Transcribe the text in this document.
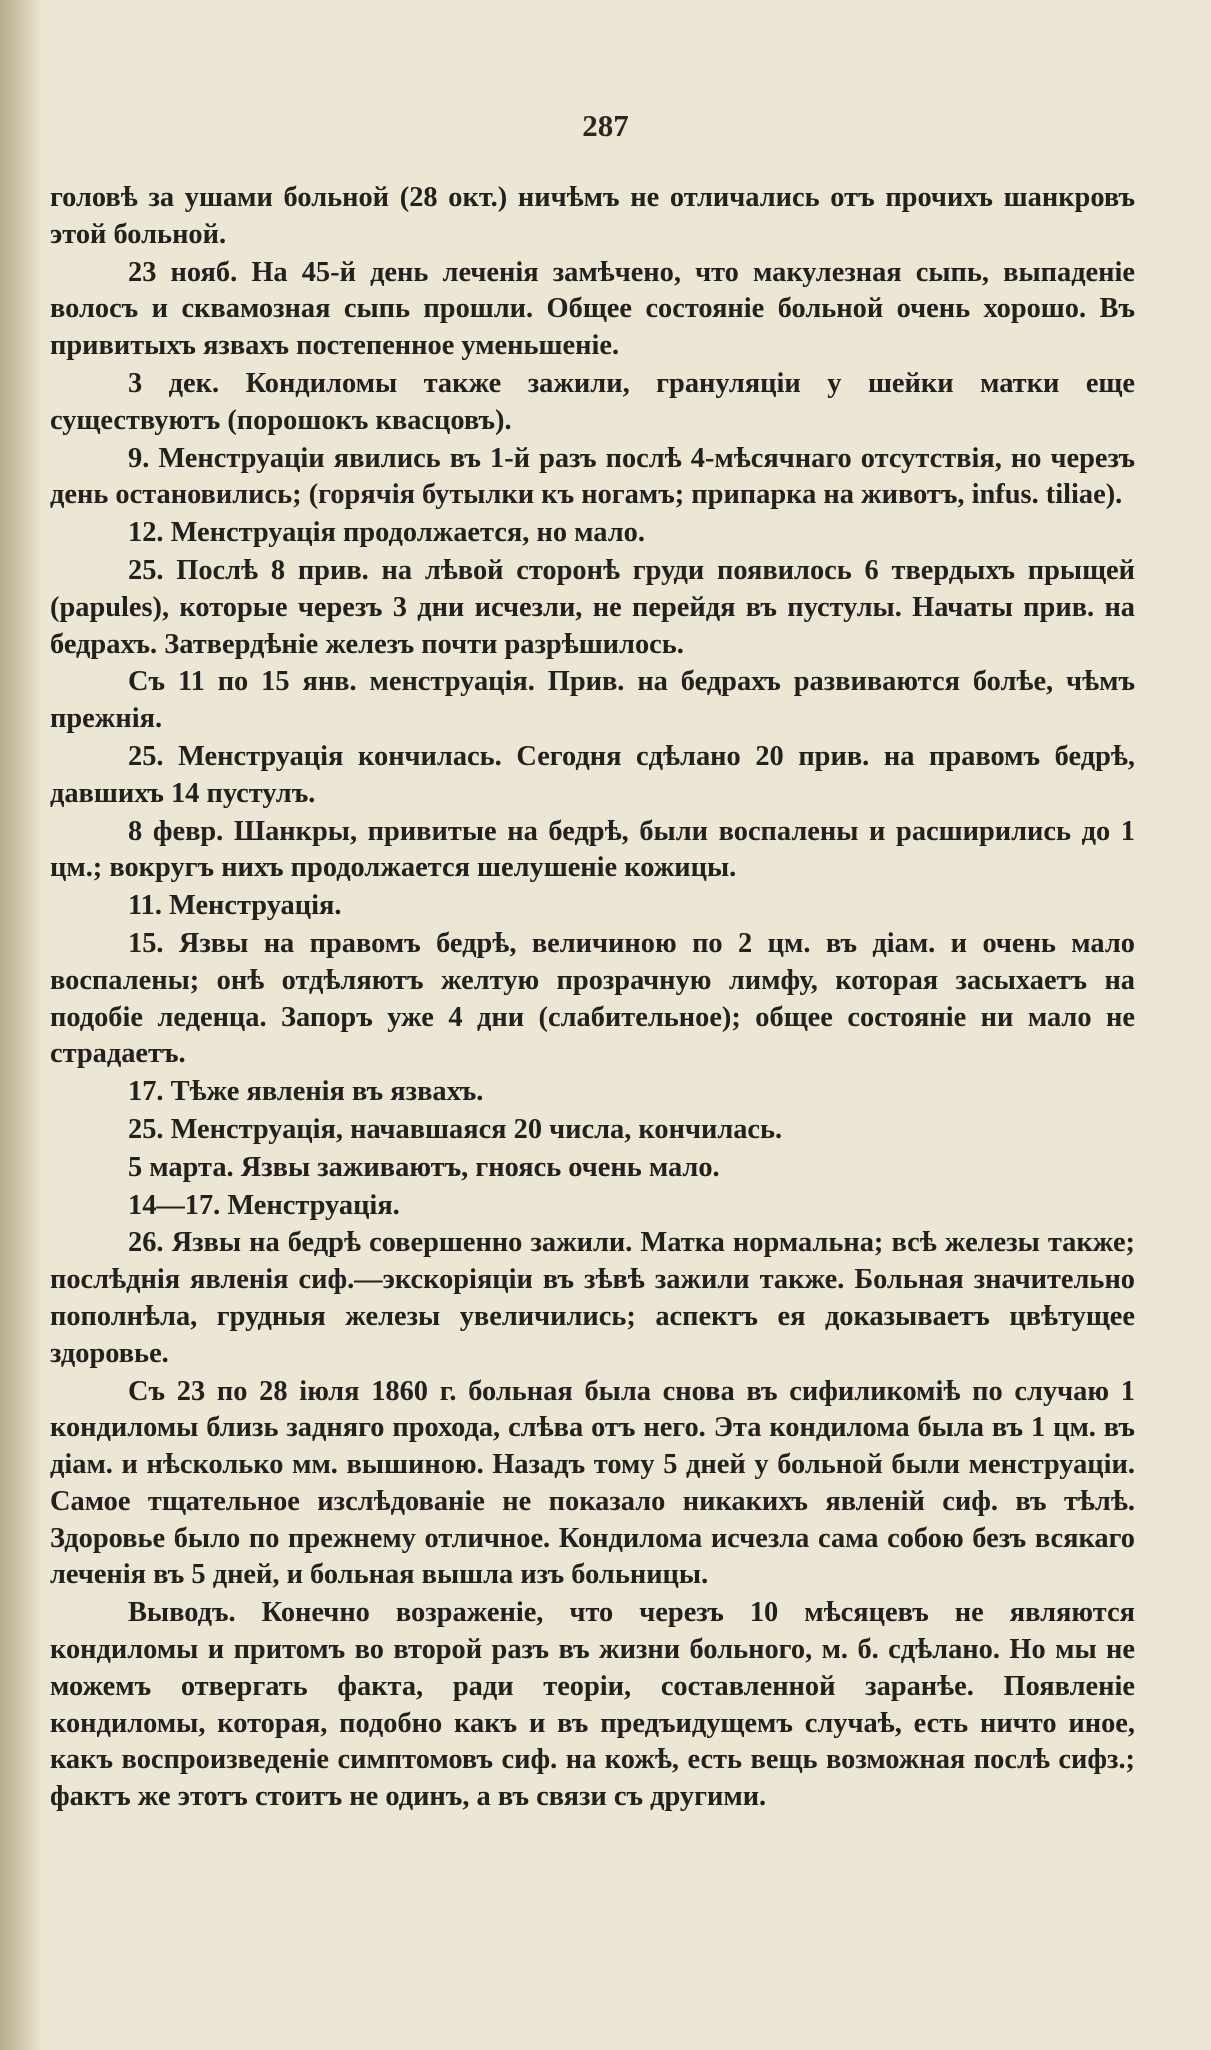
287

головѣ за ушами больной (28 окт.) ничѣмъ не отличались отъ прочихъ шанкровъ этой больной.

23 нояб. На 45-й день леченія замѣчено, что макулезная сыпь, выпаденіе волосъ и сквамозная сыпь прошли. Общее состояніе больной очень хорошо. Въ привитыхъ язвахъ постепенное уменьшеніе.

3 дек. Кондиломы также зажили, грануляціи у шейки матки еще существуютъ (порошокъ квасцовъ).

9. Менструаціи явились въ 1-й разъ послѣ 4-мѣсячнаго отсутствія, но черезъ день остановились; (горячія бутылки къ ногамъ; припарка на животъ, infus. tiliae).

12. Менструація продолжается, но мало.

25. Послѣ 8 прив. на лѣвой сторонѣ груди появилось 6 твердыхъ прыщей (papules), которые черезъ 3 дни исчезли, не перейдя въ пустулы. Начаты прив. на бедрахъ. Затвердѣніе железъ почти разрѣшилось.

Съ 11 по 15 янв. менструація. Прив. на бедрахъ развиваются болѣе, чѣмъ прежнія.

25. Менструація кончилась. Сегодня сдѣлано 20 прив. на правомъ бедрѣ, давшихъ 14 пустулъ.

8 февр. Шанкры, привитые на бедрѣ, были воспалены и расширились до 1 цм.; вокругъ нихъ продолжается шелушеніе кожицы.

11. Менструація.

15. Язвы на правомъ бедрѣ, величиною по 2 цм. въ діам. и очень мало воспалены; онѣ отдѣляютъ желтую прозрачную лимфу, которая засыхаетъ на подобіе леденца. Запоръ уже 4 дни (слабительное); общее состояніе ни мало не страдаетъ.

17. Тѣже явленія въ язвахъ.

25. Менструація, начавшаяся 20 числа, кончилась.

5 марта. Язвы заживаютъ, гноясь очень мало.

14—17. Менструація.

26. Язвы на бедрѣ совершенно зажили. Матка нормальна; всѣ железы также; послѣднія явленія сиф.—экскоріяціи въ зѣвѣ зажили также. Больная значительно пополнѣла, грудныя железы увеличились; аспектъ ея доказываетъ цвѣтущее здоровье.

Съ 23 по 28 іюля 1860 г. больная была снова въ сифиликоміѣ по случаю 1 кондиломы близь задняго прохода, слѣва отъ него. Эта кондилома была въ 1 цм. въ діам. и нѣсколько мм. вышиною. Назадъ тому 5 дней у больной были менструаціи. Самое тщательное изслѣдованіе не показало никакихъ явленій сиф. въ тѣлѣ. Здоровье было по прежнему отличное. Кондилома исчезла сама собою безъ всякаго леченія въ 5 дней, и больная вышла изъ больницы.

Выводъ. Конечно возраженіе, что черезъ 10 мѣсяцевъ не являются кондиломы и притомъ во второй разъ въ жизни больного, м. б. сдѣлано. Но мы не можемъ отвергать факта, ради теоріи, составленной заранѣе. Появленіе кондиломы, которая, подобно какъ и въ предъидущемъ случаѣ, есть ничто иное, какъ воспроизведеніе симптомовъ сиф. на кожѣ, есть вещь возможная послѣ сифз.; фактъ же этотъ стоитъ не одинъ, а въ связи съ другими.
